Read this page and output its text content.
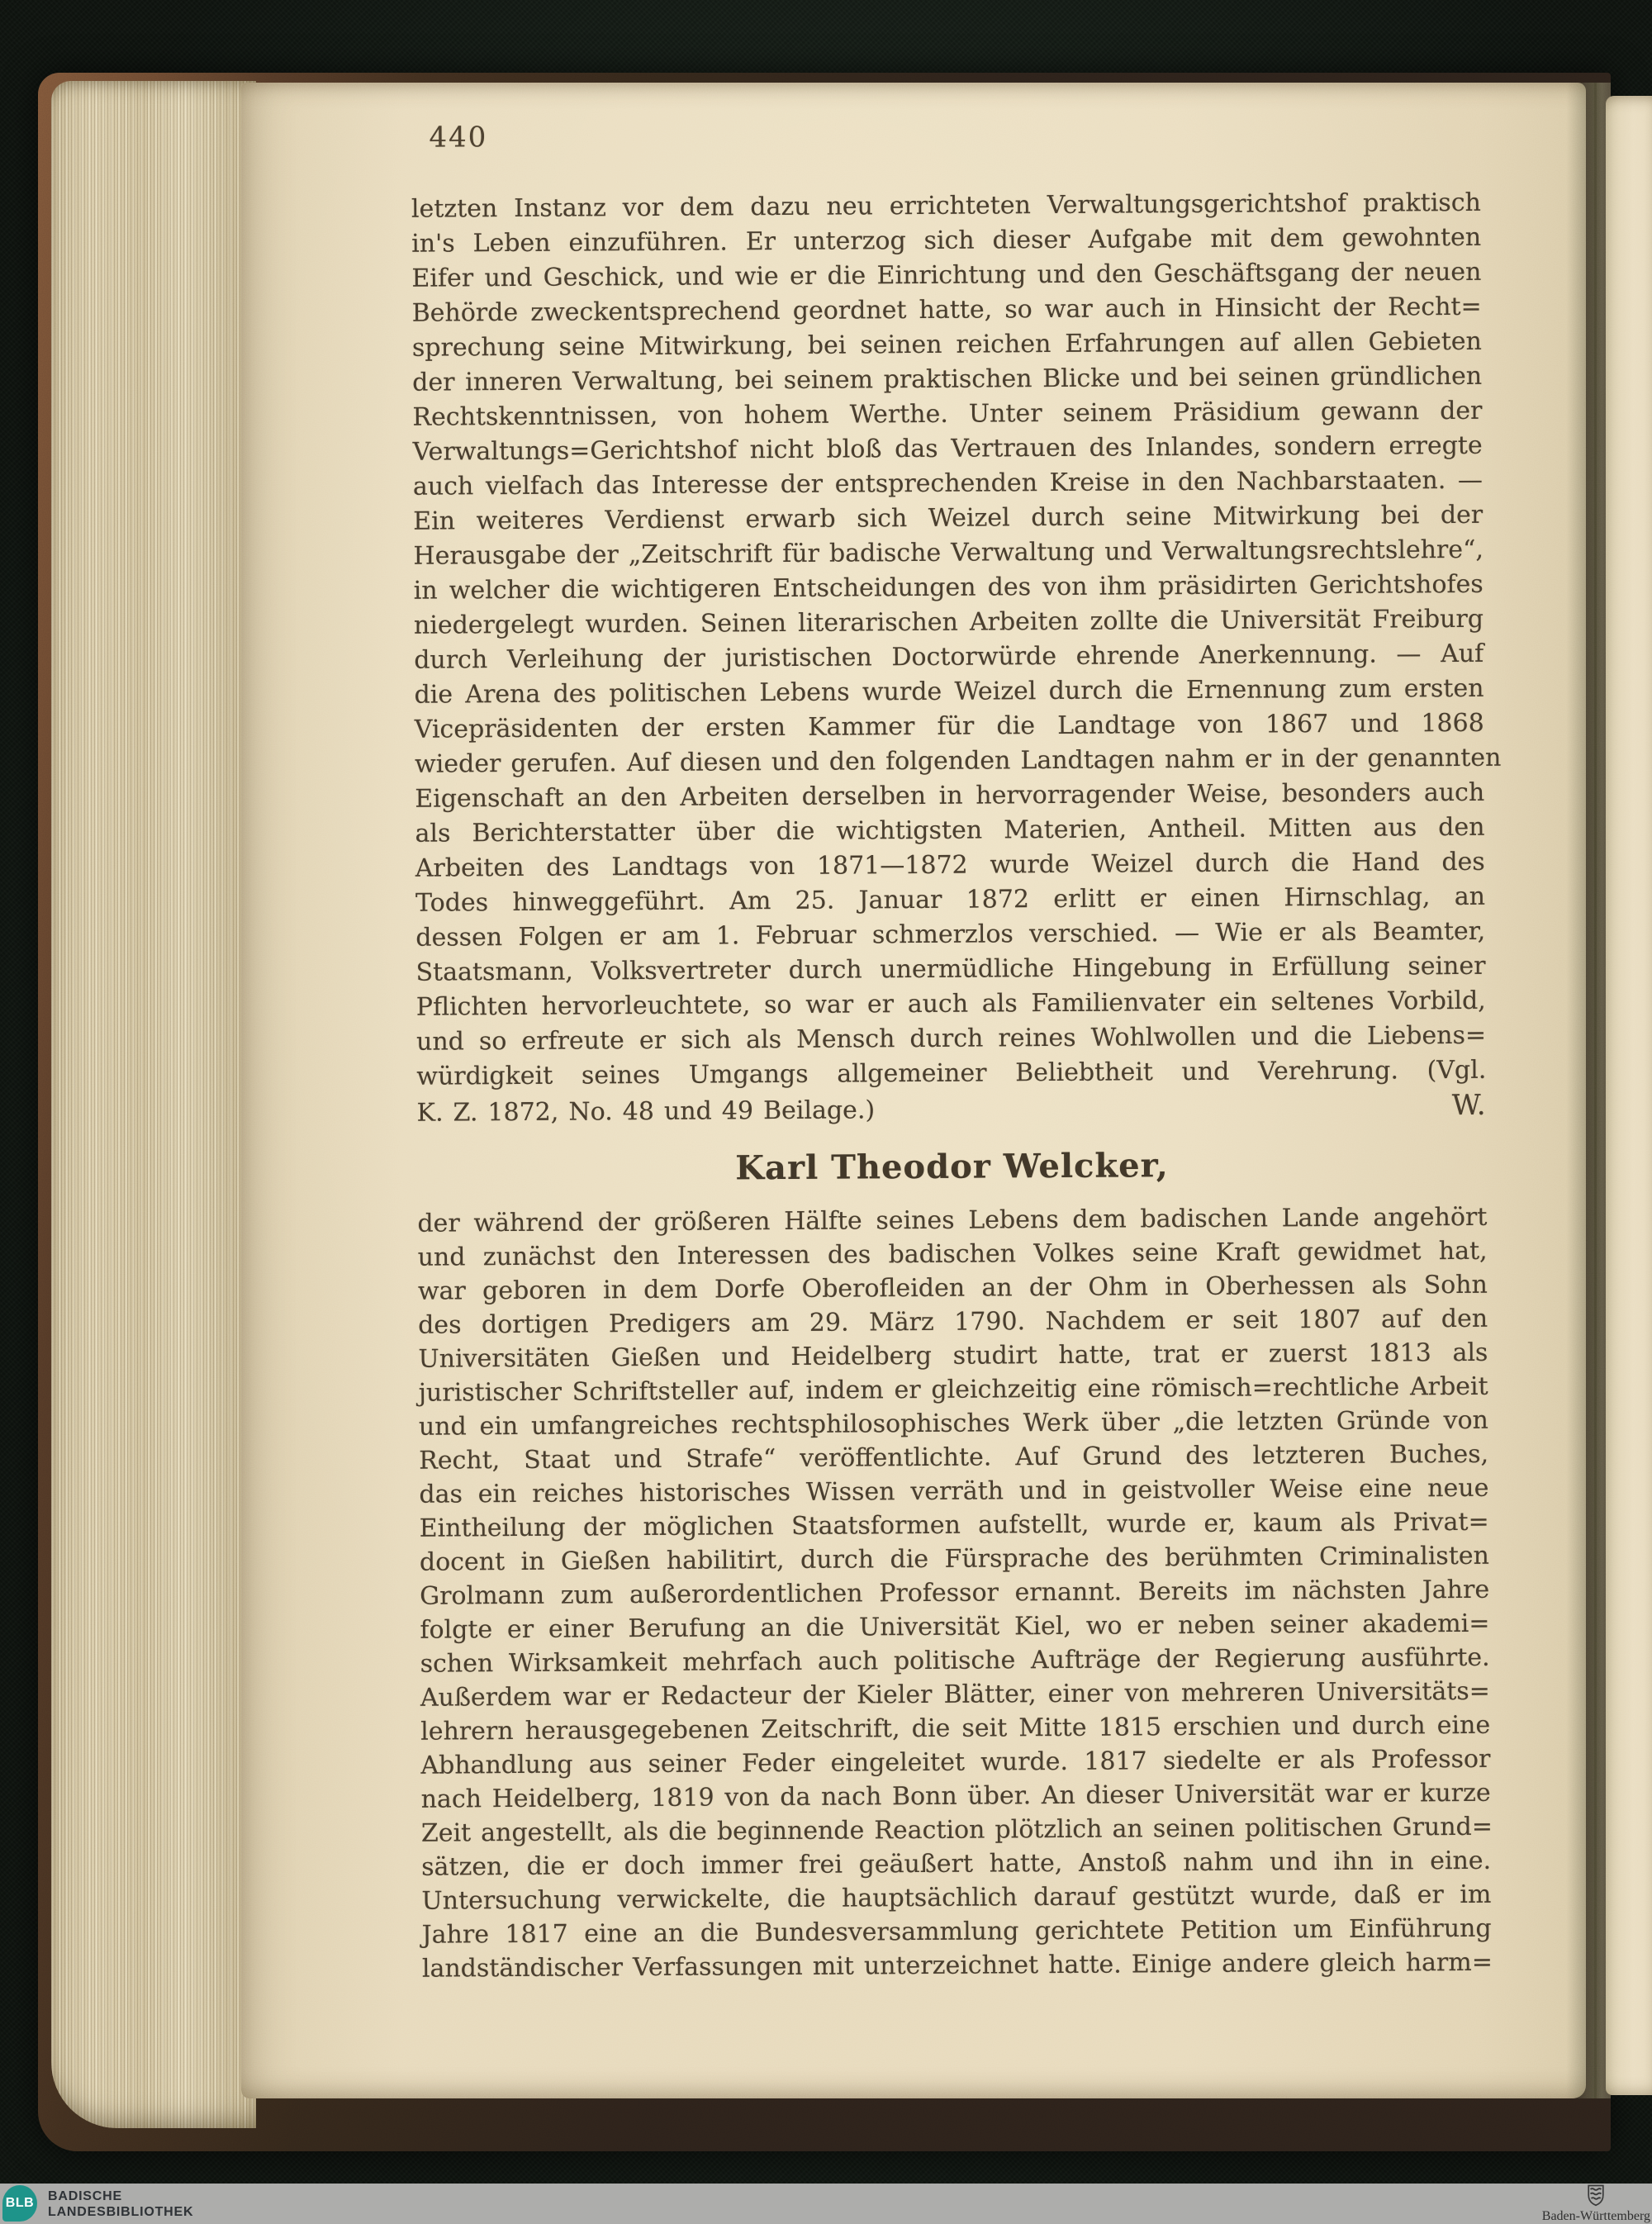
440
letzten Instanz vor dem dazu neu errichteten Verwaltungsgerichtshof praktisch
in's Leben einzuführen. Er unterzog sich dieser Aufgabe mit dem gewohnten
Eifer und Geschick, und wie er die Einrichtung und den Geschäftsgang der neuen
Behörde zweckentsprechend geordnet hatte, so war auch in Hinsicht der Recht=
sprechung seine Mitwirkung, bei seinen reichen Erfahrungen auf allen Gebieten
der inneren Verwaltung, bei seinem praktischen Blicke und bei seinen gründlichen
Rechtskenntnissen, von hohem Werthe. Unter seinem Präsidium gewann der
Verwaltungs=Gerichtshof nicht bloß das Vertrauen des Inlandes, sondern erregte
auch vielfach das Interesse der entsprechenden Kreise in den Nachbarstaaten. —
Ein weiteres Verdienst erwarb sich Weizel durch seine Mitwirkung bei der
Herausgabe der „Zeitschrift für badische Verwaltung und Verwaltungsrechtslehre“,
in welcher die wichtigeren Entscheidungen des von ihm präsidirten Gerichtshofes
niedergelegt wurden. Seinen literarischen Arbeiten zollte die Universität Freiburg
durch Verleihung der juristischen Doctorwürde ehrende Anerkennung. — Auf
die Arena des politischen Lebens wurde Weizel durch die Ernennung zum ersten
Vicepräsidenten der ersten Kammer für die Landtage von 1867 und 1868
wieder gerufen. Auf diesen und den folgenden Landtagen nahm er in der genannten
Eigenschaft an den Arbeiten derselben in hervorragender Weise, besonders auch
als Berichterstatter über die wichtigsten Materien, Antheil. Mitten aus den
Arbeiten des Landtags von 1871—1872 wurde Weizel durch die Hand des
Todes hinweggeführt. Am 25. Januar 1872 erlitt er einen Hirnschlag, an
dessen Folgen er am 1. Februar schmerzlos verschied. — Wie er als Beamter,
Staatsmann, Volksvertreter durch unermüdliche Hingebung in Erfüllung seiner
Pflichten hervorleuchtete, so war er auch als Familienvater ein seltenes Vorbild,
und so erfreute er sich als Mensch durch reines Wohlwollen und die Liebens=
würdigkeit seines Umgangs allgemeiner Beliebtheit und Verehrung. (Vgl.
K. Z. 1872, No. 48 und 49 Beilage.)	W.
Karl Theodor Welcker,
der während der größeren Hälfte seines Lebens dem badischen Lande angehört
und zunächst den Interessen des badischen Volkes seine Kraft gewidmet hat,
war geboren in dem Dorfe Oberofleiden an der Ohm in Oberhessen als Sohn
des dortigen Predigers am 29. März 1790. Nachdem er seit 1807 auf den
Universitäten Gießen und Heidelberg studirt hatte, trat er zuerst 1813 als
juristischer Schriftsteller auf, indem er gleichzeitig eine römisch=rechtliche Arbeit
und ein umfangreiches rechtsphilosophisches Werk über „die letzten Gründe von
Recht, Staat und Strafe“ veröffentlichte. Auf Grund des letzteren Buches,
das ein reiches historisches Wissen verräth und in geistvoller Weise eine neue
Eintheilung der möglichen Staatsformen aufstellt, wurde er, kaum als Privat=
docent in Gießen habilitirt, durch die Fürsprache des berühmten Criminalisten
Grolmann zum außerordentlichen Professor ernannt. Bereits im nächsten Jahre
folgte er einer Berufung an die Universität Kiel, wo er neben seiner akademi=
schen Wirksamkeit mehrfach auch politische Aufträge der Regierung ausführte.
Außerdem war er Redacteur der Kieler Blätter, einer von mehreren Universitäts=
lehrern herausgegebenen Zeitschrift, die seit Mitte 1815 erschien und durch eine
Abhandlung aus seiner Feder eingeleitet wurde. 1817 siedelte er als Professor
nach Heidelberg, 1819 von da nach Bonn über. An dieser Universität war er kurze
Zeit angestellt, als die beginnende Reaction plötzlich an seinen politischen Grund=
sätzen, die er doch immer frei geäußert hatte, Anstoß nahm und ihn in eine.
Untersuchung verwickelte, die hauptsächlich darauf gestützt wurde, daß er im
Jahre 1817 eine an die Bundesversammlung gerichtete Petition um Einführung
landständischer Verfassungen mit unterzeichnet hatte. Einige andere gleich harm=
BLB BADISCHE
LANDESBIBLIOTHEK	Baden-Württemberg
